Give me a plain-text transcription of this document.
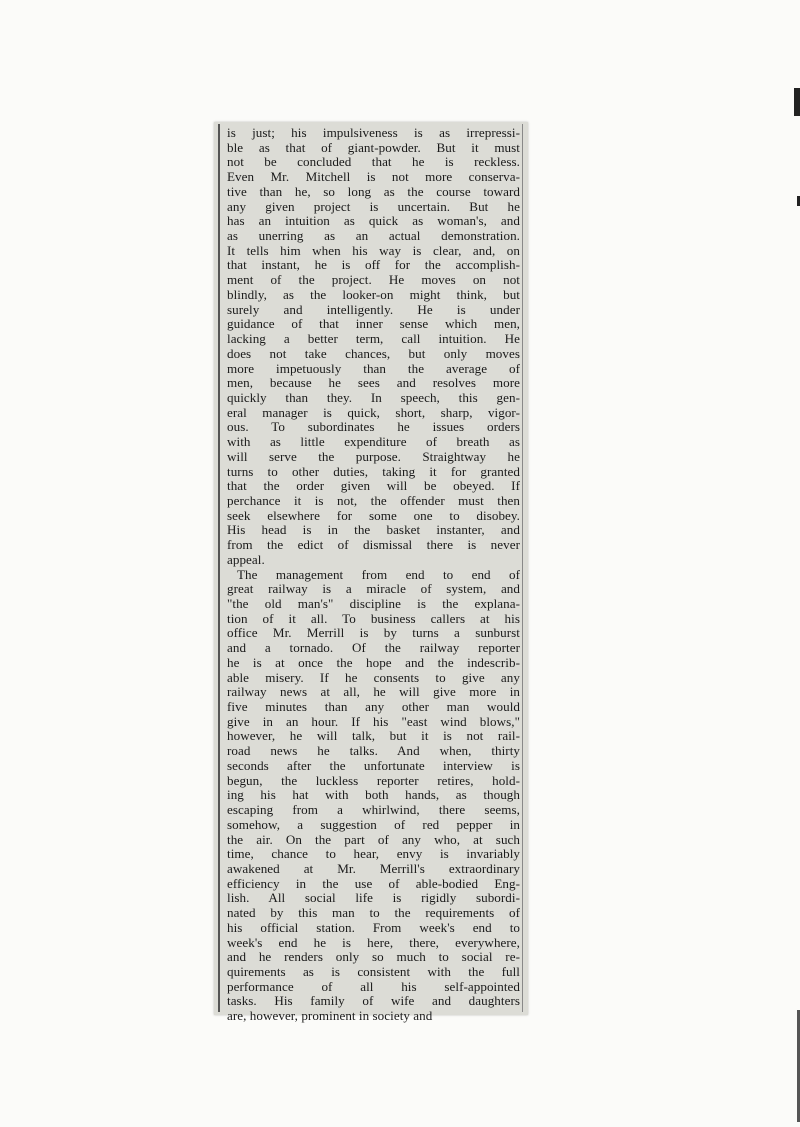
is just; his impulsiveness is as irrepressi-
ble as that of giant-powder. But it must
not be concluded that he is reckless.
Even Mr. Mitchell is not more conserva-
tive than he, so long as the course toward
any given project is uncertain. But he
has an intuition as quick as woman's, and
as unerring as an actual demonstration.
It tells him when his way is clear, and, on
that instant, he is off for the accomplish-
ment of the project. He moves on not
blindly, as the looker-on might think, but
surely and intelligently. He is under
guidance of that inner sense which men,
lacking a better term, call intuition. He
does not take chances, but only moves
more impetuously than the average of
men, because he sees and resolves more
quickly than they. In speech, this gen-
eral manager is quick, short, sharp, vigor-
ous. To subordinates he issues orders
with as little expenditure of breath as
will serve the purpose. Straightway he
turns to other duties, taking it for granted
that the order given will be obeyed. If
perchance it is not, the offender must then
seek elsewhere for some one to disobey.
His head is in the basket instanter, and
from the edict of dismissal there is never
appeal.
The management from end to end of
great railway is a miracle of system, and
"the old man's" discipline is the explana-
tion of it all. To business callers at his
office Mr. Merrill is by turns a sunburst
and a tornado. Of the railway reporter
he is at once the hope and the indescrib-
able misery. If he consents to give any
railway news at all, he will give more in
five minutes than any other man would
give in an hour. If his "east wind blows,"
however, he will talk, but it is not rail-
road news he talks. And when, thirty
seconds after the unfortunate interview is
begun, the luckless reporter retires, hold-
ing his hat with both hands, as though
escaping from a whirlwind, there seems,
somehow, a suggestion of red pepper in
the air. On the part of any who, at such
time, chance to hear, envy is invariably
awakened at Mr. Merrill's extraordinary
efficiency in the use of able-bodied Eng-
lish. All social life is rigidly subordi-
nated by this man to the requirements of
his official station. From week's end to
week's end he is here, there, everywhere,
and he renders only so much to social re-
quirements as is consistent with the full
performance of all his self-appointed
tasks. His family of wife and daughters
are, however, prominent in society and
